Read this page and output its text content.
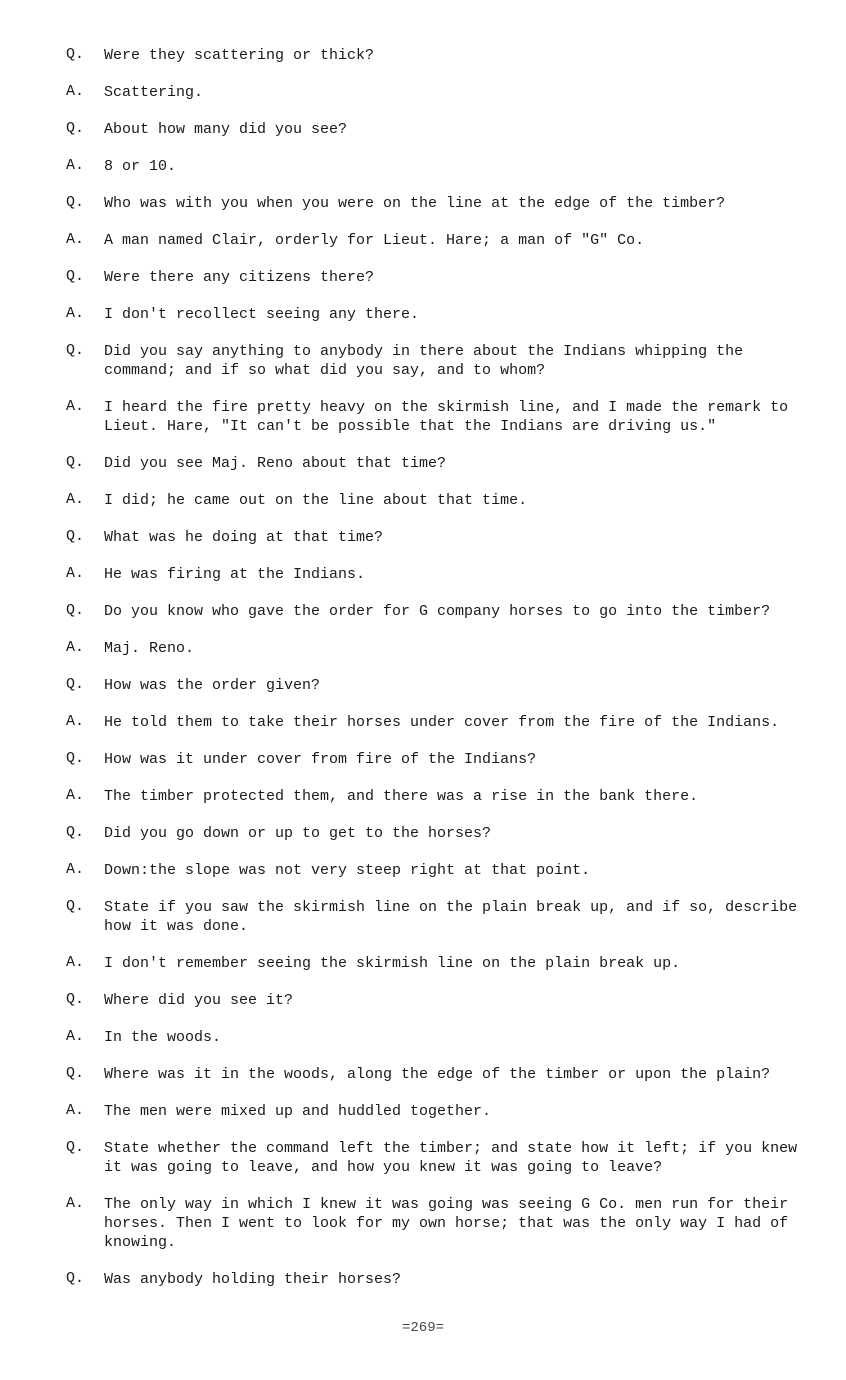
Q.	Were they scattering or thick?
A.	Scattering.
Q.	About how many did you see?
A.	8 or 10.
Q.	Who was with you when you were on the line at the edge of the timber?
A.	A man named Clair, orderly for Lieut. Hare; a man of "G" Co.
Q.	Were there any citizens there?
A.	I don't recollect seeing any there.
Q.	Did you say anything to anybody in there about the Indians whipping the command; and if so what did you say, and to whom?
A.	I heard the fire pretty heavy on the skirmish line, and I made the remark to Lieut. Hare, "It can't be possible that the Indians are driving us."
Q.	Did you see Maj. Reno about that time?
A.	I did; he came out on the line about that time.
Q.	What was he doing at that time?
A.	He was firing at the Indians.
Q.	Do you know who gave the order for G company horses to go into the timber?
A.	Maj. Reno.
Q.	How was the order given?
A.	He told them to take their horses under cover from the fire of the Indians.
Q.	How was it under cover from fire of the Indians?
A.	The timber protected them, and there was a rise in the bank there.
Q.	Did you go down or up to get to the horses?
A.	Down:the slope was not very steep right at that point.
Q.	State if you saw the skirmish line on the plain break up, and if so, describe how it was done.
A.	I don't remember seeing the skirmish line on the plain break up.
Q.	Where did you see it?
A.	In the woods.
Q.	Where was it in the woods, along the edge of the timber or upon the plain?
A.	The men were mixed up and huddled together.
Q.	State whether the command left the timber; and state how it left; if you knew it was going to leave, and how you knew it was going to leave?
A.	The only way in which I knew it was going was seeing G Co. men run for their horses. Then I went to look for my own horse; that was the only way I had of knowing.
Q.	Was anybody holding their horses?
=269=
